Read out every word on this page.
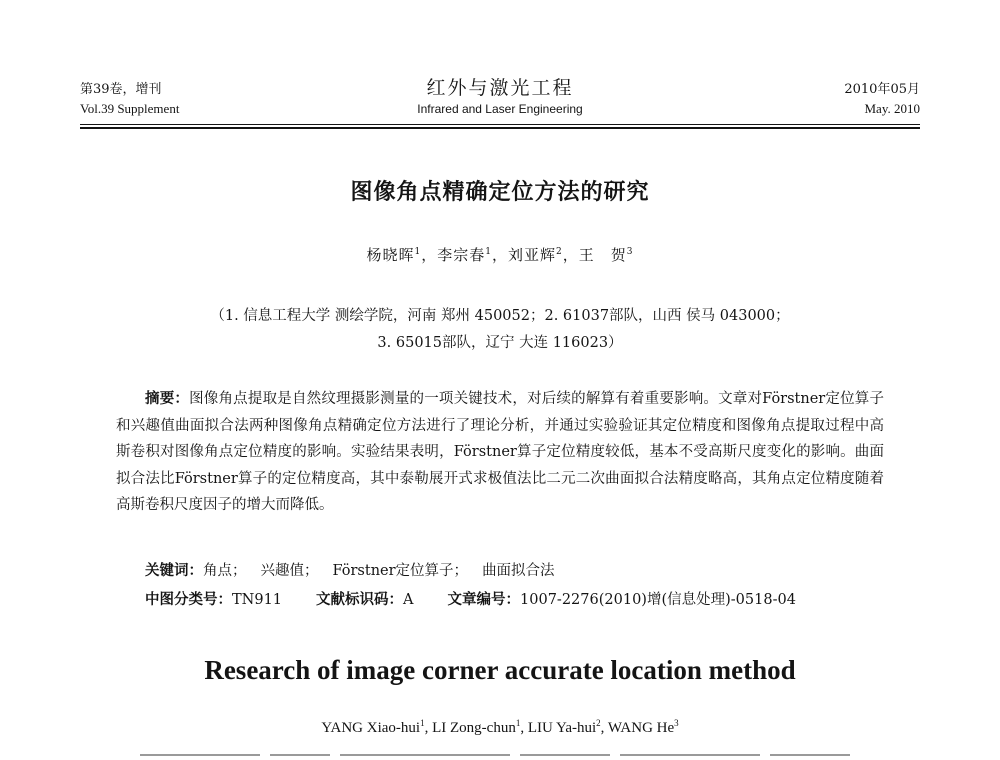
第39卷，增刊
Vol.39 Supplement
红外与激光工程
Infrared and Laser Engineering
2010年05月
May. 2010
图像角点精确定位方法的研究
杨晓晖$^1$，李宗春$^1$，刘亚辉$^2$，王　贺$^3$
（1. 信息工程大学 测绘学院，河南 郑州 450052；2. 61037部队，山西 侯马 043000；
3. 65015部队，辽宁 大连 116023）
摘要：图像角点提取是自然纹理摄影测量的一项关键技术，对后续的解算有着重要影响。文章对Förstner定位算子和兴趣值曲面拟合法两种图像角点精确定位方法进行了理论分析，并通过实验验证其定位精度和图像角点提取过程中高斯卷积对图像角点定位精度的影响。实验结果表明，Förstner算子定位精度较低，基本不受高斯尺度变化的影响。曲面拟合法比Förstner算子的定位精度高，其中泰勒展开式求极值法比二元二次曲面拟合法精度略高，其角点定位精度随着高斯卷积尺度因子的增大而降低。
关键词：角点； 兴趣值； Förstner定位算子； 曲面拟合法
中图分类号：TN911 文献标识码：A 文章编号：1007-2276(2010)增(信息处理)-0518-04
Research of image corner accurate location method
YANG Xiao-hui$^1$, LI Zong-chun$^1$, LIU Ya-hui$^2$, WANG He$^3$
